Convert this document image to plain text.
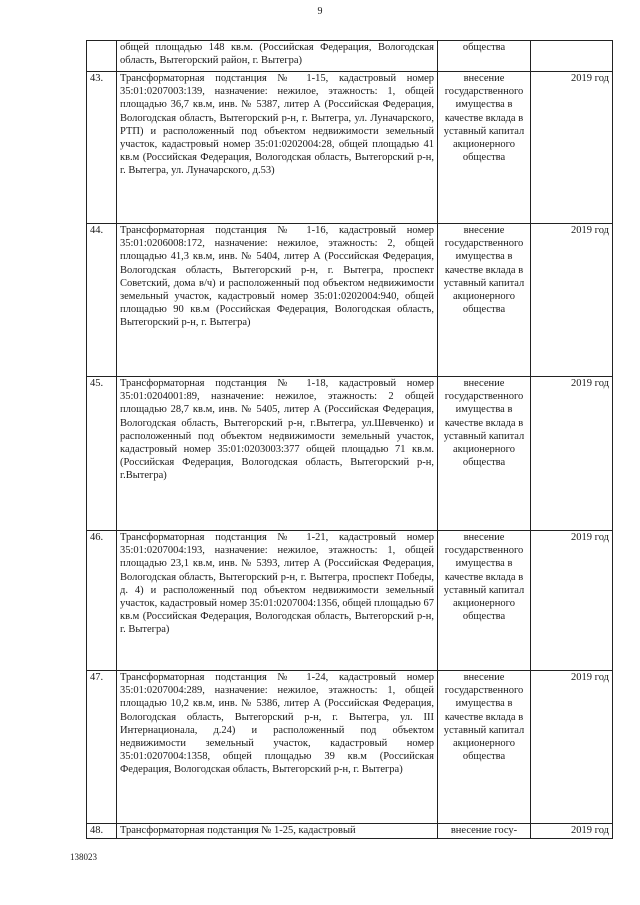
9
	общей площадью 148 кв.м. (Российская Федерация, Вологодская область, Вытегорский район, г. Вытегра)	общества	
43.	Трансформаторная подстанция № 1-15, кадастровый номер 35:01:0207003:139, назначение: нежилое, этажность: 1, общей площадью 36,7 кв.м, инв. № 5387, литер А (Российская Федерация, Вологодская область, Вытегорский р-н, г. Вытегра, ул. Луначарского, РТП) и расположенный под объектом недвижимости земельный участок, кадастровый номер 35:01:0202004:28, общей площадью 41 кв.м (Российская Федерация, Вологодская область, Вытегорский р-н, г. Вытегра, ул. Луначарского, д.53)	внесение государственного имущества в качестве вклада в уставный капитал акционерного общества	2019 год
44.	Трансформаторная подстанция № 1-16, кадастровый номер 35:01:0206008:172, назначение: нежилое, этажность: 2, общей площадью 41,3 кв.м, инв. № 5404, литер А (Российская Федерация, Вологодская область, Вытегорский р-н, г. Вытегра, проспект Советский, дома в/ч) и расположенный под объектом недвижимости земельный участок, кадастровый номер 35:01:0202004:940, общей площадью 90 кв.м (Российская Федерация, Вологодская область, Вытегорский р-н, г. Вытегра)	внесение государственного имущества в качестве вклада в уставный капитал акционерного общества	2019 год
45.	Трансформаторная подстанция № 1-18, кадастровый номер 35:01:0204001:89, назначение: нежилое, этажность: 2 общей площадью 28,7 кв.м, инв. № 5405, литер А (Российская Федерация, Вологодская область, Вытегорский р-н, г.Вытегра, ул.Шевченко) и расположенный под объектом недвижимости земельный участок, кадастровый номер 35:01:0203003:377 общей площадью 71 кв.м. (Российская Федерация, Вологодская область, Вытегорский р-н, г.Вытегра)	внесение государственного имущества в качестве вклада в уставный капитал акционерного общества	2019 год
46.	Трансформаторная подстанция № 1-21, кадастровый номер 35:01:0207004:193, назначение: нежилое, этажность: 1, общей площадью 23,1 кв.м, инв. № 5393, литер А (Российская Федерация, Вологодская область, Вытегорский р-н, г. Вытегра, проспект Победы, д. 4) и расположенный под объектом недвижимости земельный участок, кадастровый номер 35:01:0207004:1356, общей площадью 67 кв.м (Российская Федерация, Вологодская область, Вытегорский р-н, г. Вытегра)	внесение государственного имущества в качестве вклада в уставный капитал акционерного общества	2019 год
47.	Трансформаторная подстанция № 1-24, кадастровый номер 35:01:0207004:289, назначение: нежилое, этажность: 1, общей площадью 10,2 кв.м, инв. № 5386, литер А (Российская Федерация, Вологодская область, Вытегорский р-н, г. Вытегра, ул. III Интернационала, д.24) и расположенный под объектом недвижимости земельный участок, кадастровый номер 35:01:0207004:1358, общей площадью 39 кв.м (Российская Федерация, Вологодская область, Вытегорский р-н, г. Вытегра)	внесение государственного имущества в качестве вклада в уставный капитал акционерного общества	2019 год
48.	Трансформаторная подстанция № 1-25, кадастровый	внесение госу-	2019 год
138023
